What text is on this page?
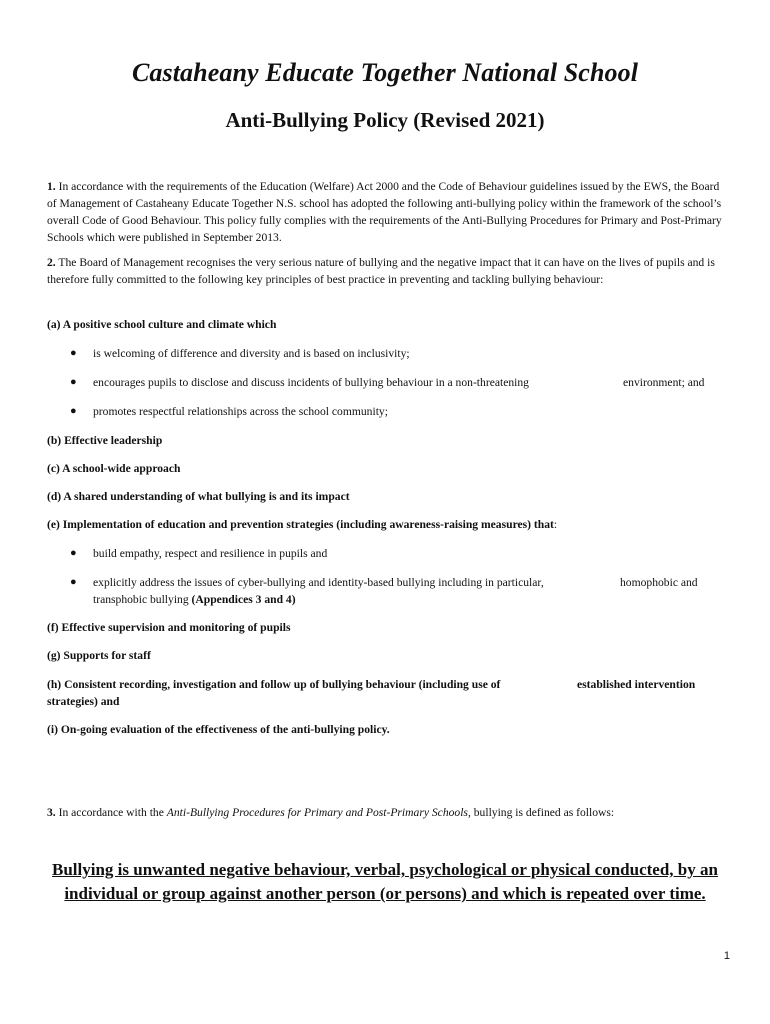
Castaheany Educate Together National School
Anti-Bullying Policy (Revised 2021)
1. In accordance with the requirements of the Education (Welfare) Act 2000 and the Code of Behaviour guidelines issued by the EWS, the Board of Management of Castaheany Educate Together N.S. school has adopted the following anti-bullying policy within the framework of the school’s overall Code of Good Behaviour. This policy fully complies with the requirements of the Anti-Bullying Procedures for Primary and Post-Primary Schools which were published in September 2013.
2. The Board of Management recognises the very serious nature of bullying and the negative impact that it can have on the lives of pupils and is therefore fully committed to the following key principles of best practice in preventing and tackling bullying behaviour:
(a) A positive school culture and climate which
● is welcoming of difference and diversity and is based on inclusivity;
● encourages pupils to disclose and discuss incidents of bullying behaviour in a non-threatening	environment; and
● promotes respectful relationships across the school community;
(b) Effective leadership
(c) A school-wide approach
(d) A shared understanding of what bullying is and its impact
(e) Implementation of education and prevention strategies (including awareness-raising measures) that:
● build empathy, respect and resilience in pupils and
● explicitly address the issues of cyber-bullying and identity-based bullying including in particular,	homophobic and
transphobic bullying (Appendices 3 and 4)
(f) Effective supervision and monitoring of pupils
(g) Supports for staff
(h) Consistent recording, investigation and follow up of bullying behaviour (including use of	established intervention
strategies) and
(i) On-going evaluation of the effectiveness of the anti-bullying policy.
3. In accordance with the Anti-Bullying Procedures for Primary and Post-Primary Schools, bullying is defined as follows:
Bullying is unwanted negative behaviour, verbal, psychological or physical conducted, by an individual or group against another person (or persons) and which is repeated over time.
1
